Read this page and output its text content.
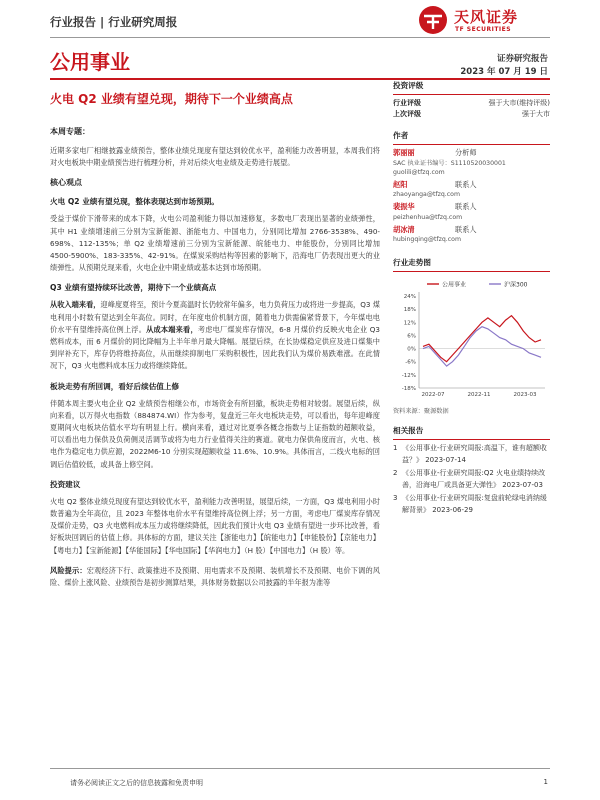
行业报告 | 行业研究周报	天风证券
TF SECURITIES
公用事业	证券研究报告
2023 年 07 月 19 日
火电 Q2 业绩有望兑现，期待下一个业绩高点
本周专题：
近期多家电厂相继披露业绩预告，整体业绩兑现度有望达到较优水平，盈利能力改善明显，本周我们将对火电板块中期业绩预告进行梳理分析，并对后续火电业绩及走势进行展望。
核心观点
火电 Q2 业绩有望兑现，整体表现达到市场预期。
受益于煤价下滑带来的成本下降，火电公司盈利能力得以加速修复，多数电厂表现出显著的业绩弹性，其中 H1 业绩增速前三分别为宝新能源、浙能电力、中国电力，分别同比增加 2766-3538%、490-698%、112-135%；单 Q2 业绩增速前三分别为宝新能源、皖能电力、申能股份，分别同比增加 4500-5900%、183-335%、42-91%。在煤炭采购结构等因素的影响下，沿海电厂仍表现出更大的业绩弹性。从预期兑现来看，火电企业中期业绩或基本达到市场预期。
Q3 业绩有望持续环比改善，期待下一个业绩高点
从收入端来看，迎峰度夏将至，预计今夏高温时长仍较常年偏多，电力负荷压力或将进一步提高，Q3 煤电利用小时数有望达到全年高位。同时，在年度电价机制方面，随着电力供需偏紧背景下，今年煤电电价水平有望维持高位例上浮。从成本端来看，考虑电厂煤炭库存情况，6-8 月煤价约反映火电企业 Q3 燃料成本，而 6 月煤价的同比降幅为上半年单月最大降幅。展望后续，在长协煤稳定供应及进口煤集中到岸补充下，库存仍将维持高位，从而继续抑制电厂采购积极性，因此我们认为煤价易跌难涨。在此情况下，Q3 火电燃料成本压力或将继续降低。
板块走势有所回调，看好后续估值上修
伴随本周主要火电企业 Q2 业绩预告相继公布，市场资金有所回撤，板块走势相对较弱。展望后续，纵向来看，以万得火电指数（884874.WI）作为参考，复盘近三年火电板块走势，可以看出，每年迎峰度夏期间火电板块估值水平均有明显上行。横向来看，通过对比夏季各概念指数与上证指数的超额收益，可以看出电力保供及负荷侧灵活调节或将为电力行业值得关注的赛道。就电力保供角度而言，火电、核电作为稳定电力供应源，2022M6-10 分别实现超额收益 11.6%、10.9%。具体而言，二线火电标的回调后估值较低，或具备上修空间。
投资建议
火电 Q2 整体业绩兑现度有望达到较优水平，盈利能力改善明显，展望后续，一方面，Q3 煤电利用小时数普遍为全年高位，且 2023 年整体电价水平有望维持高位例上浮；另一方面，考虑电厂煤炭库存情况及煤价走势，Q3 火电燃料成本压力或将继续降低，因此我们预计火电 Q3 业绩有望进一步环比改善，看好板块回调后的估值上修。具体标的方面，建议关注【浙能电力】【皖能电力】【申能股份】【京能电力】【粤电力】【宝新能源】【华能国际】【华电国际】【华润电力】（H 股）【中国电力】（H 股）等。
风险提示：宏观经济下行、政策推进不及预期、用电需求不及预期、装机增长不及预期、电价下调的风险、煤价上涨风险、业绩预告是初步测算结果，具体财务数据以公司披露的半年报为准等
投资评级
行业评级	强于大市(维持评级)
上次评级	强于大市
作者
郭丽丽	分析师
SAC 执业证书编号：S1110520030001
guolili@tfzq.com
赵阳	联系人
zhaoyanga@tfzq.com
裴振华	联系人
peizhenhua@tfzq.com
胡冰清	联系人
hubingqing@tfzq.com
行业走势图
公用事业	沪深300
24%
18%
12%
6%
0%
-6%
-12%
-18%
2022-07	2022-11	2023-03
资料来源：聚源数据
相关报告
1 《公用事业-行业研究周报:高温下，谁有超额收益？》 2023-07-14
2 《公用事业-行业研究周报:Q2 火电业绩持续改善，沿海电厂或具备更大弹性》 2023-07-03
3 《公用事业-行业研究周报:复盘前轮绿电消纳缓解背景》 2023-06-29
请务必阅读正文之后的信息披露和免责申明	1
